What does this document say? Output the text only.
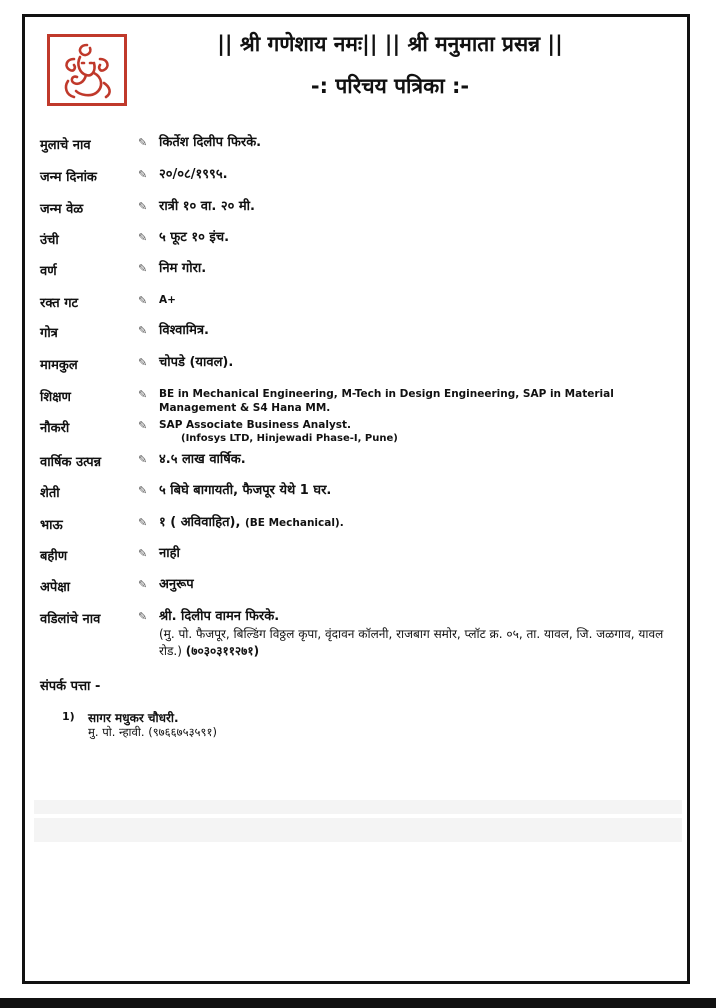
|| श्री गणेशाय नमः|| || श्री मनुमाता प्रसन्न ||
-: परिचय पत्रिका :-
मुलाचे नाव	✎ किर्तेश दिलीप फिरके.
जन्म दिनांक	✎ २०/०८/१९९५.
जन्म वेळ	✎ रात्री १० वा. २० मी.
उंची	✎ ५ फूट १० इंच.
वर्ण	✎ निम गोरा.
रक्त गट	✎ A+
गोत्र	✎ विश्वामित्र.
मामकुल	✎ चोपडे (यावल).
शिक्षण	✎ BE in Mechanical Engineering, M-Tech in Design Engineering, SAP in Material Management & S4 Hana MM.
नौकरी	✎ SAP Associate Business Analyst.
(Infosys LTD, Hinjewadi Phase-I, Pune)
वार्षिक उत्पन्न	✎ ४.५ लाख वार्षिक.
शेती	✎ ५ बिघे बागायती, फैजपूर येथे 1 घर.
भाऊ	✎ १ ( अविवाहित), (BE Mechanical).
बहीण	✎ नाही
अपेक्षा	✎ अनुरूप
वडिलांचे नाव	✎ श्री. दिलीप वामन फिरके.
(मु. पो. फैजपूर, बिल्डिंग विठ्ठल कृपा, वृंदावन कॉलनी, राजबाग समोर, प्लॉट क्र. ०५, ता. यावल, जि. जळगाव, यावल रोड.) (७०३०३११२७१)
संपर्क पत्ता -
1) सागर मधुकर चौधरी.
मु. पो. न्हावी. (९७६६७५३५९१)
